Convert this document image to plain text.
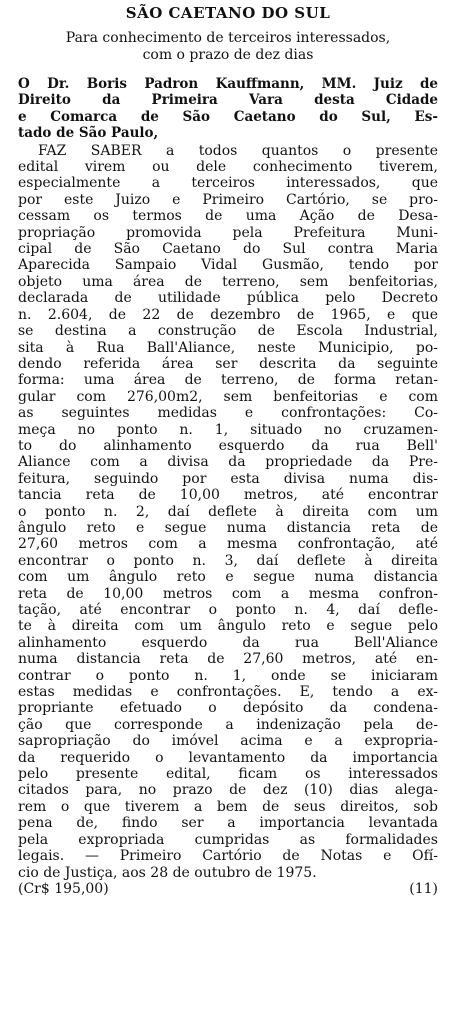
SÃO CAETANO DO SUL
Para conhecimento de terceiros interessados,
com o prazo de dez dias
O Dr. Boris Padron Kauffmann, MM. Juiz de
Direito da Primeira Vara desta Cidade
e Comarca de São Caetano do Sul, Es-
tado de São Paulo,
FAZ SABER a todos quantos o presente
edital virem ou dele conhecimento tiverem,
especialmente a terceiros interessados, que
por este Juizo e Primeiro Cartório, se pro-
cessam os termos de uma Ação de Desa-
propriação promovida pela Prefeitura Muni-
cipal de São Caetano do Sul contra Maria
Aparecida Sampaio Vidal Gusmão, tendo por
objeto uma área de terreno, sem benfeitorias,
declarada de utilidade pública pelo Decreto
n. 2.604, de 22 de dezembro de 1965, e que
se destina a construção de Escola Industrial,
sita à Rua Ball'Aliance, neste Municipio, po-
dendo referida área ser descrita da seguinte
forma: uma área de terreno, de forma retan-
gular com 276,00m2, sem benfeitorias e com
as seguintes medidas e confrontações: Co-
meça no ponto n. 1, situado no cruzamen-
to do alinhamento esquerdo da rua Bell'
Aliance com a divisa da propriedade da Pre-
feitura, seguindo por esta divisa numa dis-
tancia reta de 10,00 metros, até encontrar
o ponto n. 2, daí deflete à direita com um
ângulo reto e segue numa distancia reta de
27,60 metros com a mesma confrontação, até
encontrar o ponto n. 3, daí deflete à direita
com um ângulo reto e segue numa distancia
reta de 10,00 metros com a mesma confron-
tação, até encontrar o ponto n. 4, daí defle-
te à direita com um ângulo reto e segue pelo
alinhamento esquerdo da rua Bell'Aliance
numa distancia reta de 27,60 metros, até en-
contrar o ponto n. 1, onde se iniciaram
estas medidas e confrontações. E, tendo a ex-
propriante efetuado o depósito da condena-
ção que corresponde a indenização pela de-
sapropriação do imóvel acima e a expropria-
da requerido o levantamento da importancia
pelo presente edital, ficam os interessados
citados para, no prazo de dez (10) dias alega-
rem o que tiverem a bem de seus direitos, sob
pena de, findo ser a importancia levantada
pela expropriada cumpridas as formalidades
legais. — Primeiro Cartório de Notas e Ofí-
cio de Justiça, aos 28 de outubro de 1975.
(Cr$ 195,00)	(11)
